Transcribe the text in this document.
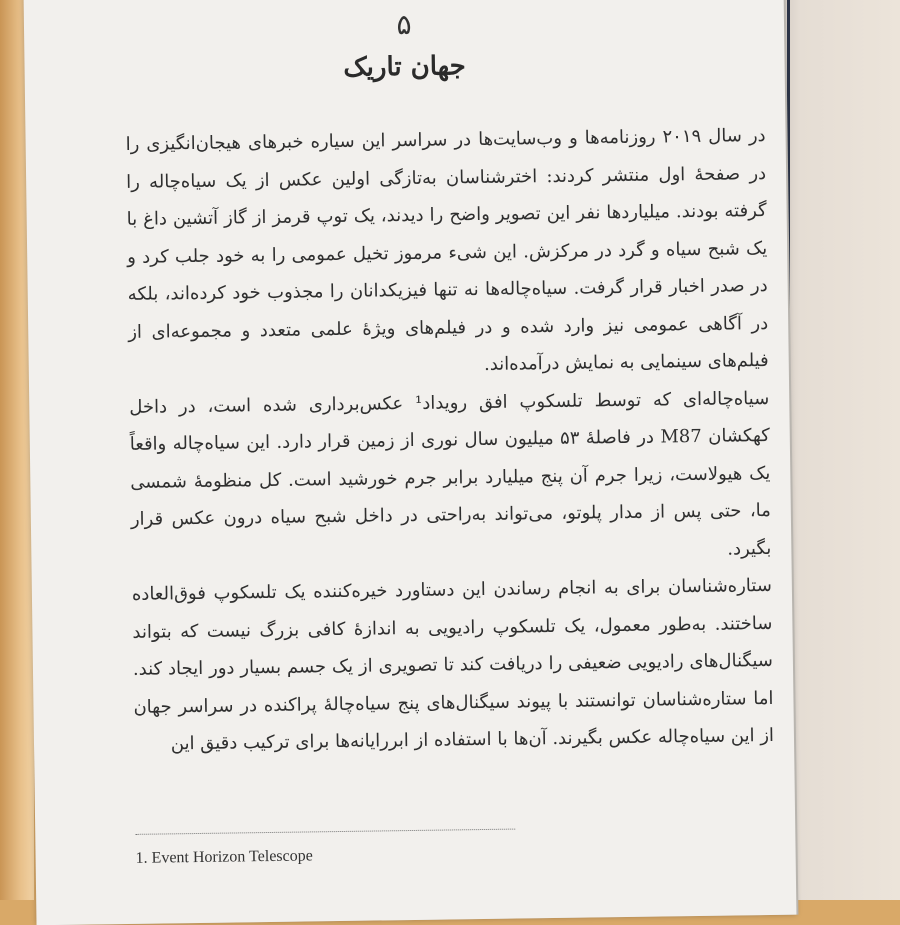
۵
جهان تاریک

در سال ۲۰۱۹ روزنامه‌ها و وب‌سایت‌ها در سراسر این سیاره خبرهای هیجان‌انگیزی را در صفحهٔ اول منتشر کردند: اخترشناسان به‌تازگی اولین عکس از یک سیاه‌چاله را گرفته بودند. میلیاردها نفر این تصویر واضح را دیدند، یک توپ قرمز از گاز آتشین داغ با یک شبح سیاه و گرد در مرکزش. این شیء مرموز تخیل عمومی را به خود جلب کرد و در صدر اخبار قرار گرفت. سیاه‌چاله‌ها نه تنها فیزیکدانان را مجذوب خود کرده‌اند، بلکه در آگاهی عمومی نیز وارد شده و در فیلم‌های ویژهٔ علمی متعدد و مجموعه‌ای از فیلم‌های سینمایی به نمایش درآمده‌اند.

سیاه‌چاله‌ای که توسط تلسکوپ افق رویداد¹ عکس‌برداری شده است، در داخل کهکشان M87 در فاصلهٔ ۵۳ میلیون سال نوری از زمین قرار دارد. این سیاه‌چاله واقعاً یک هیولاست، زیرا جرم آن پنج میلیارد برابر جرم خورشید است. کل منظومهٔ شمسی ما، حتی پس از مدار پلوتو، می‌تواند به‌راحتی در داخل شبح سیاه درون عکس قرار بگیرد.

ستاره‌شناسان برای به انجام رساندن این دستاورد خیره‌کننده یک تلسکوپ فوق‌العاده ساختند. به‌طور معمول، یک تلسکوپ رادیویی به اندازهٔ کافی بزرگ نیست که بتواند سیگنال‌های رادیویی ضعیفی را دریافت کند تا تصویری از یک جسم بسیار دور ایجاد کند. اما ستاره‌شناسان توانستند با پیوند سیگنال‌های پنج سیاه‌چالهٔ پراکنده در سراسر جهان از این سیاه‌چاله عکس بگیرند. آن‌ها با استفاده از ابررایانه‌ها برای ترکیب دقیق این

1. Event Horizon Telescope
